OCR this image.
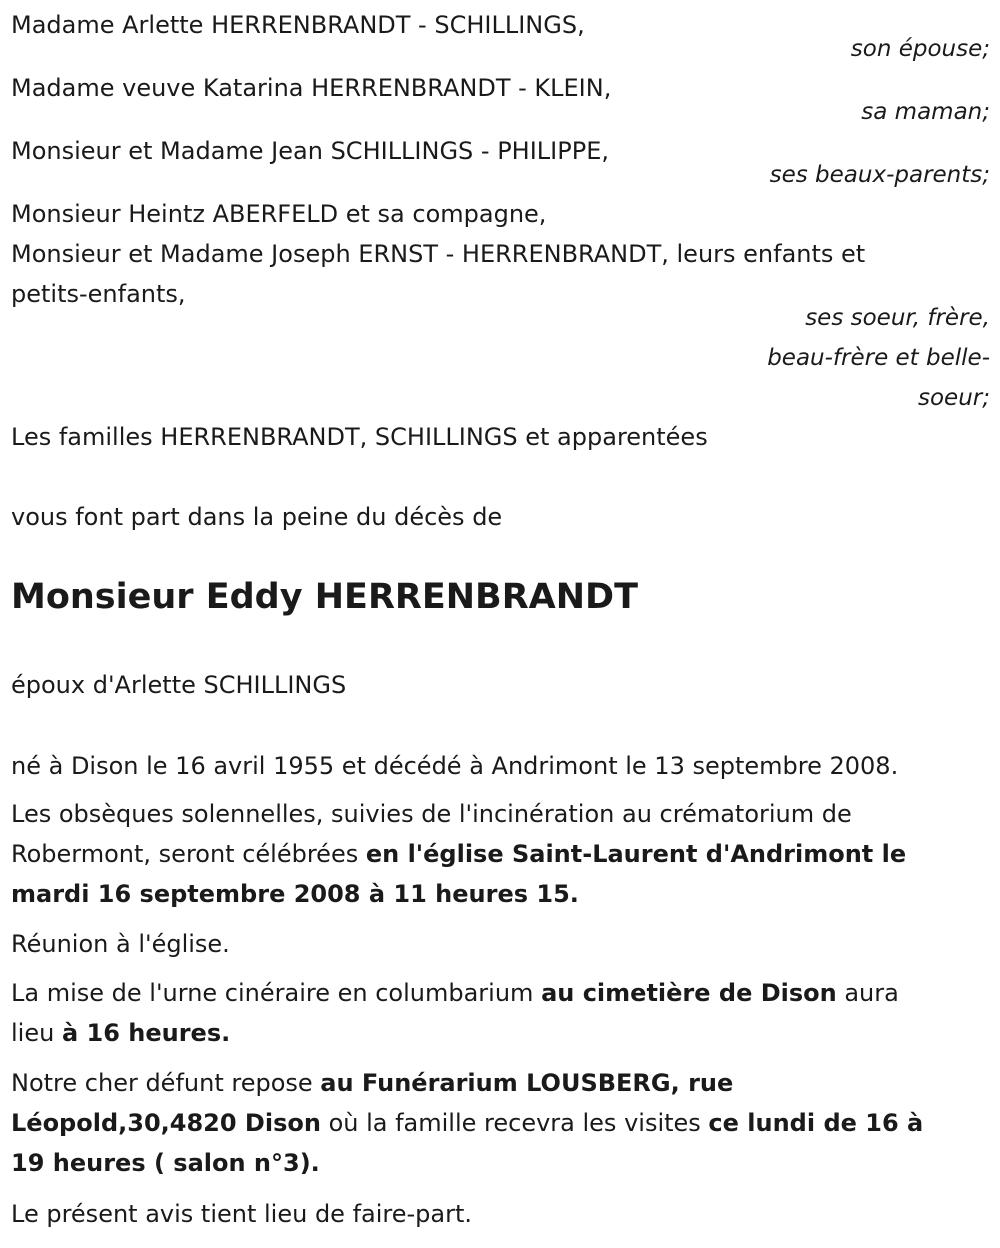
Madame Arlette HERRENBRANDT - SCHILLINGS,

son épouse;

Madame veuve Katarina HERRENBRANDT - KLEIN,

sa maman;

Monsieur et Madame Jean SCHILLINGS - PHILIPPE,

ses beaux-parents;

Monsieur Heintz ABERFELD et sa compagne,

Monsieur et Madame Joseph ERNST - HERRENBRANDT, leurs enfants et

petits-enfants,

ses soeur, frère,

beau-frère et belle-

soeur;

Les familles HERRENBRANDT, SCHILLINGS et apparentées

vous font part dans la peine du décès de

Monsieur Eddy HERRENBRANDT

époux d'Arlette SCHILLINGS

né à Dison le 16 avril 1955 et décédé à Andrimont le 13 septembre 2008.

Les obsèques solennelles, suivies de l'incinération au crématorium de

Robermont, seront célébrées en l'église Saint-Laurent d'Andrimont le

mardi 16 septembre 2008 à 11 heures 15.

Réunion à l'église.

La mise de l'urne cinéraire en columbarium au cimetière de Dison aura

lieu à 16 heures.

Notre cher défunt repose au Funérarium LOUSBERG, rue

Léopold,30,4820 Dison où la famille recevra les visites ce lundi de 16 à

19 heures ( salon n°3).

Le présent avis tient lieu de faire-part.
